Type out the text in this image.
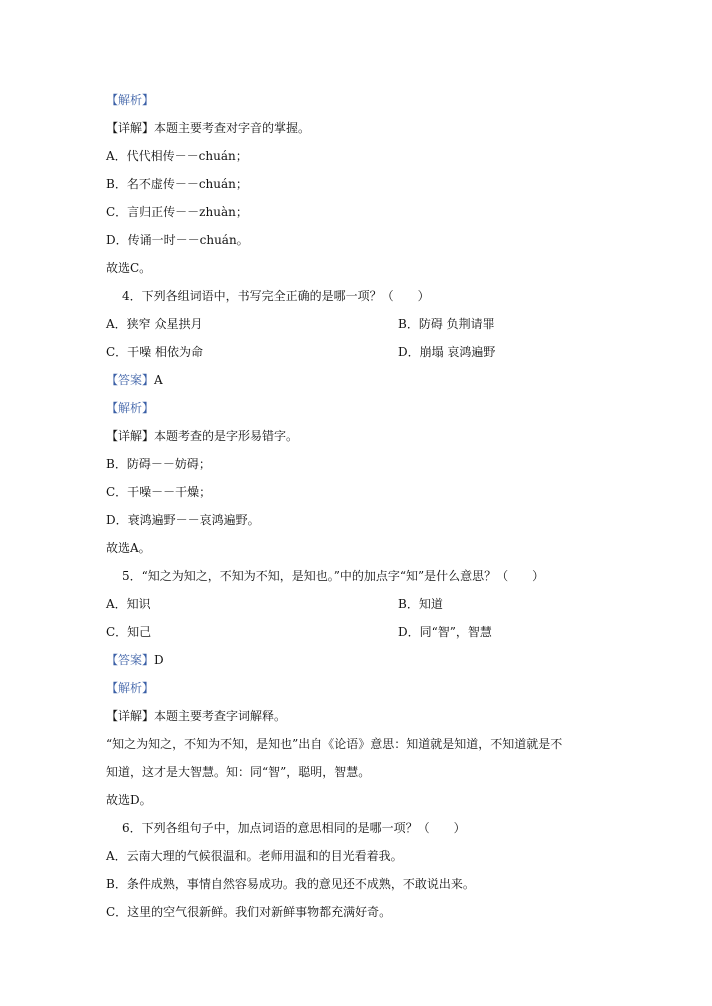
【解析】
【详解】本题主要考查对字音的掌握。
A．代代相传－－chuán；
B．名不虚传－－chuán；
C．言归正传－－zhuàn；
D．传诵一时－－chuán。
故选C。
4．下列各组词语中，书写完全正确的是哪一项？（　　）
A．狭窄 众星拱月	B．防碍 负荆请罪
C．干噪 相依为命	D．崩塌 哀鸿遍野
【答案】A
【解析】
【详解】本题考查的是字形易错字。
B．防碍－－妨碍；
C．干噪－－干燥；
D．衰鸿遍野－－哀鸿遍野。
故选A。
5．“知之为知之，不知为不知，是知也。”中的加点字“知”是什么意思？（　　）
A．知识	B．知道
C．知己	D．同“智”，智慧
【答案】D
【解析】
【详解】本题主要考查字词解释。
“知之为知之，不知为不知，是知也”出自《论语》意思：知道就是知道，不知道就是不
知道，这才是大智慧。知：同“智”，聪明，智慧。
故选D。
6．下列各组句子中，加点词语的意思相同的是哪一项？（　　）
A．云南大理的气候很温和。老师用温和的目光看着我。
B．条件成熟，事情自然容易成功。我的意见还不成熟，不敢说出来。
C．这里的空气很新鲜。我们对新鲜事物都充满好奇。
